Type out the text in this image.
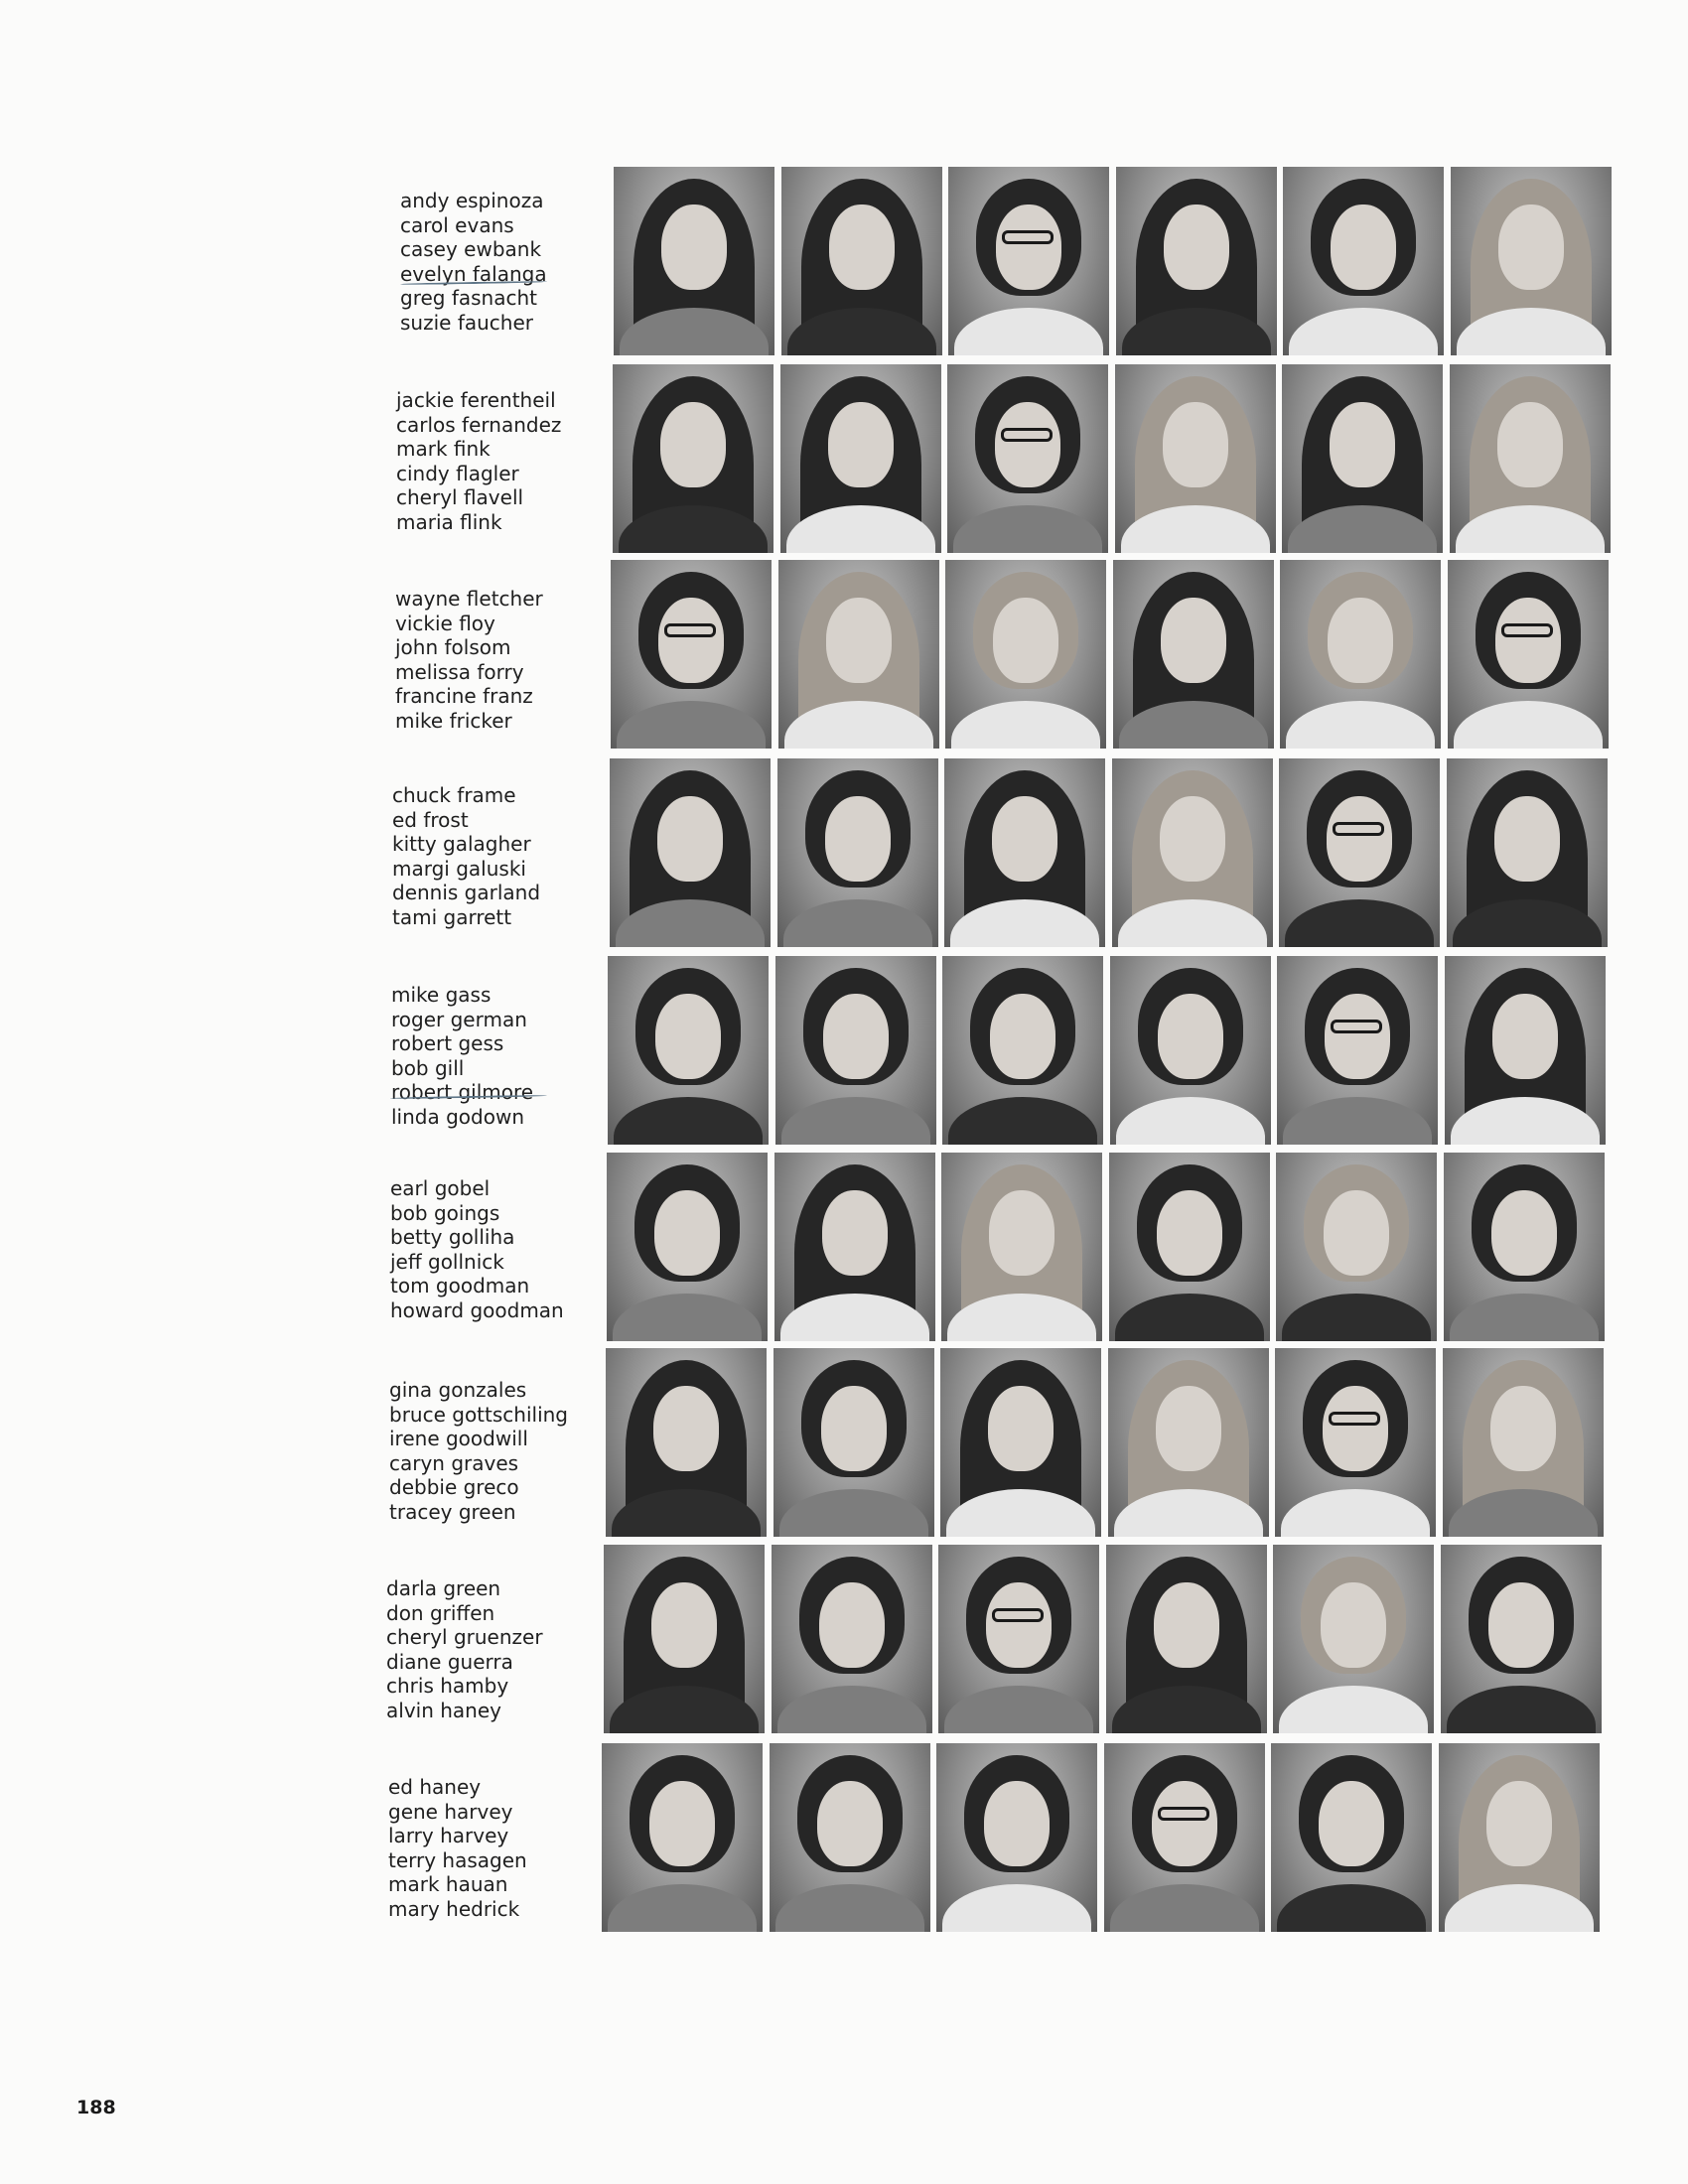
andy espinoza
carol evans
casey ewbank
evelyn falanga
greg fasnacht
suzie faucher
jackie ferentheil
carlos fernandez
mark fink
cindy flagler
cheryl flavell
maria flink
wayne fletcher
vickie floy
john folsom
melissa forry
francine franz
mike fricker
chuck frame
ed frost
kitty galagher
margi galuski
dennis garland
tami garrett
mike gass
roger german
robert gess
bob gill
robert gilmore
linda godown
earl gobel
bob goings
betty golliha
jeff gollnick
tom goodman
howard goodman
gina gonzales
bruce gottschiling
irene goodwill
caryn graves
debbie greco
tracey green
darla green
don griffen
cheryl gruenzer
diane guerra
chris hamby
alvin haney
ed haney
gene harvey
larry harvey
terry hasagen
mark hauan
mary hedrick
188
